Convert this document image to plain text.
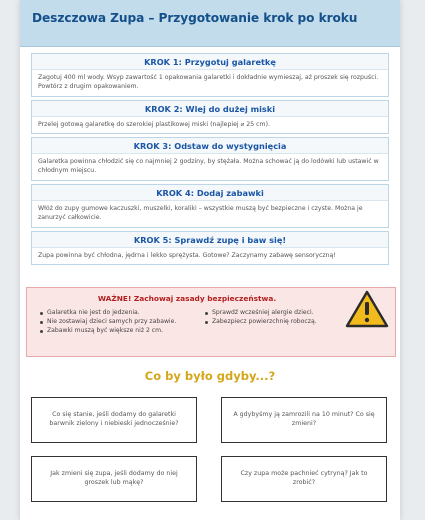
Deszczowa Zupa – Przygotowanie krok po kroku
KROK 1: Przygotuj galaretkę
Zagotuj 400 ml wody. Wsyp zawartość 1 opakowania galaretki i dokładnie wymieszaj, aż proszek się rozpuści. Powtórz z drugim opakowaniem.
KROK 2: Wlej do dużej miski
Przelej gotową galaretkę do szerokiej plastikowej miski (najlepiej ⌀ 25 cm).
KROK 3: Odstaw do wystygnięcia
Galaretka powinna chłodzić się co najmniej 2 godziny, by stężała. Można schować ją do lodówki lub ustawić w chłodnym miejscu.
KROK 4: Dodaj zabawki
Włóż do zupy gumowe kaczuszki, muszelki, koraliki – wszystkie muszą być bezpieczne i czyste. Można je zanurzyć całkowicie.
KROK 5: Sprawdź zupę i baw się!
Zupa powinna być chłodna, jędrna i lekko sprężysta. Gotowe? Zaczynamy zabawę sensoryczną!
WAŻNE! Zachowaj zasady bezpieczeństwa.
Galaretka nie jest do jedzenia.
Nie zostawiaj dzieci samych przy zabawie.
Zabawki muszą być większe niż 2 cm.
Sprawdź wcześniej alergie dzieci.
Zabezpiecz powierzchnię roboczą.
Co by było gdyby...?
Co się stanie, jeśli dodamy do galaretki barwnik zielony i niebieski jednocześnie?
A gdybyśmy ją zamrozili na 10 minut? Co się zmieni?
Jak zmieni się zupa, jeśli dodamy do niej groszek lub mąkę?
Czy zupa może pachnieć cytryną? Jak to zrobić?
